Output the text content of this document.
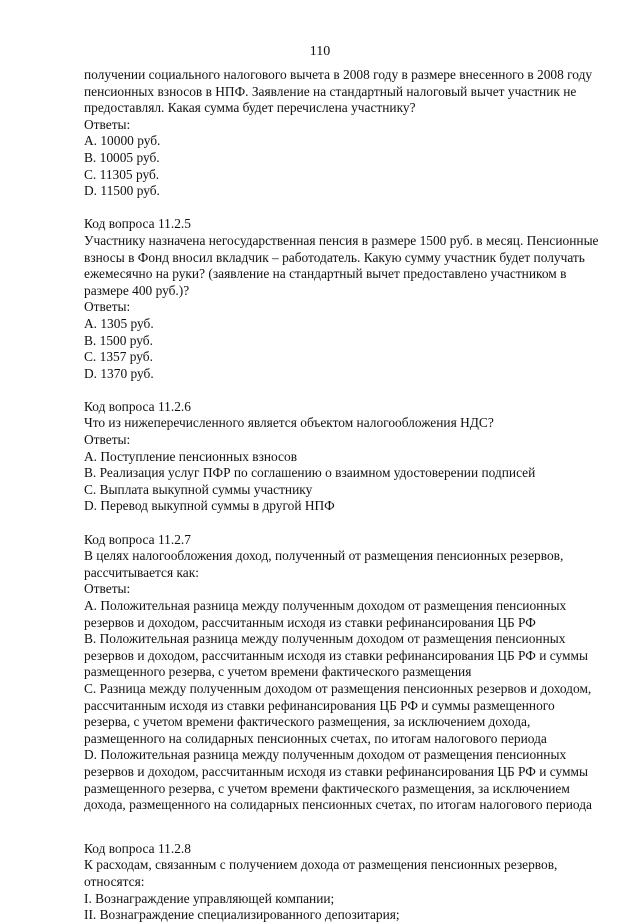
110
получении социального налогового вычета в 2008 году в размере внесенного в 2008 году
пенсионных взносов в НПФ. Заявление на стандартный налоговый вычет участник не
предоставлял. Какая сумма будет перечислена участнику?
Ответы:
A. 10000 руб.
B. 10005 руб.
C. 11305 руб.
D. 11500 руб.
Код вопроса 11.2.5
Участнику назначена негосударственная пенсия в размере 1500 руб. в месяц. Пенсионные
взносы в Фонд вносил вкладчик – работодатель. Какую сумму участник будет получать
ежемесячно на руки? (заявление на стандартный вычет предоставлено участником в
размере 400 руб.)?
Ответы:
A. 1305 руб.
B. 1500 руб.
C. 1357 руб.
D. 1370 руб.
Код вопроса 11.2.6
Что из нижеперечисленного является объектом налогообложения НДС?
Ответы:
A. Поступление пенсионных взносов
B. Реализация услуг ПФР по соглашению о взаимном удостоверении подписей
C. Выплата выкупной суммы участнику
D. Перевод выкупной суммы в другой НПФ
Код вопроса 11.2.7
В целях налогообложения доход, полученный от размещения пенсионных резервов,
рассчитывается как:
Ответы:
A. Положительная разница между полученным доходом от размещения пенсионных
резервов и доходом, рассчитанным исходя из ставки рефинансирования ЦБ РФ
B. Положительная разница между полученным доходом от размещения пенсионных
резервов и доходом, рассчитанным исходя из ставки рефинансирования ЦБ РФ и суммы
размещенного резерва, с учетом времени фактического размещения
C. Разница между полученным доходом от размещения пенсионных резервов и доходом,
рассчитанным исходя из ставки рефинансирования ЦБ РФ и суммы размещенного
резерва, с учетом времени фактического размещения, за исключением дохода,
размещенного на солидарных пенсионных счетах, по итогам налогового периода
D. Положительная разница между полученным доходом от размещения пенсионных
резервов и доходом, рассчитанным исходя из ставки рефинансирования ЦБ РФ и суммы
размещенного резерва, с учетом времени фактического размещения, за исключением
дохода, размещенного на солидарных пенсионных счетах, по итогам налогового периода
Код вопроса 11.2.8
К расходам, связанным с получением дохода от размещения пенсионных резервов,
относятся:
I. Вознаграждение управляющей компании;
II. Вознаграждение специализированного депозитария;
